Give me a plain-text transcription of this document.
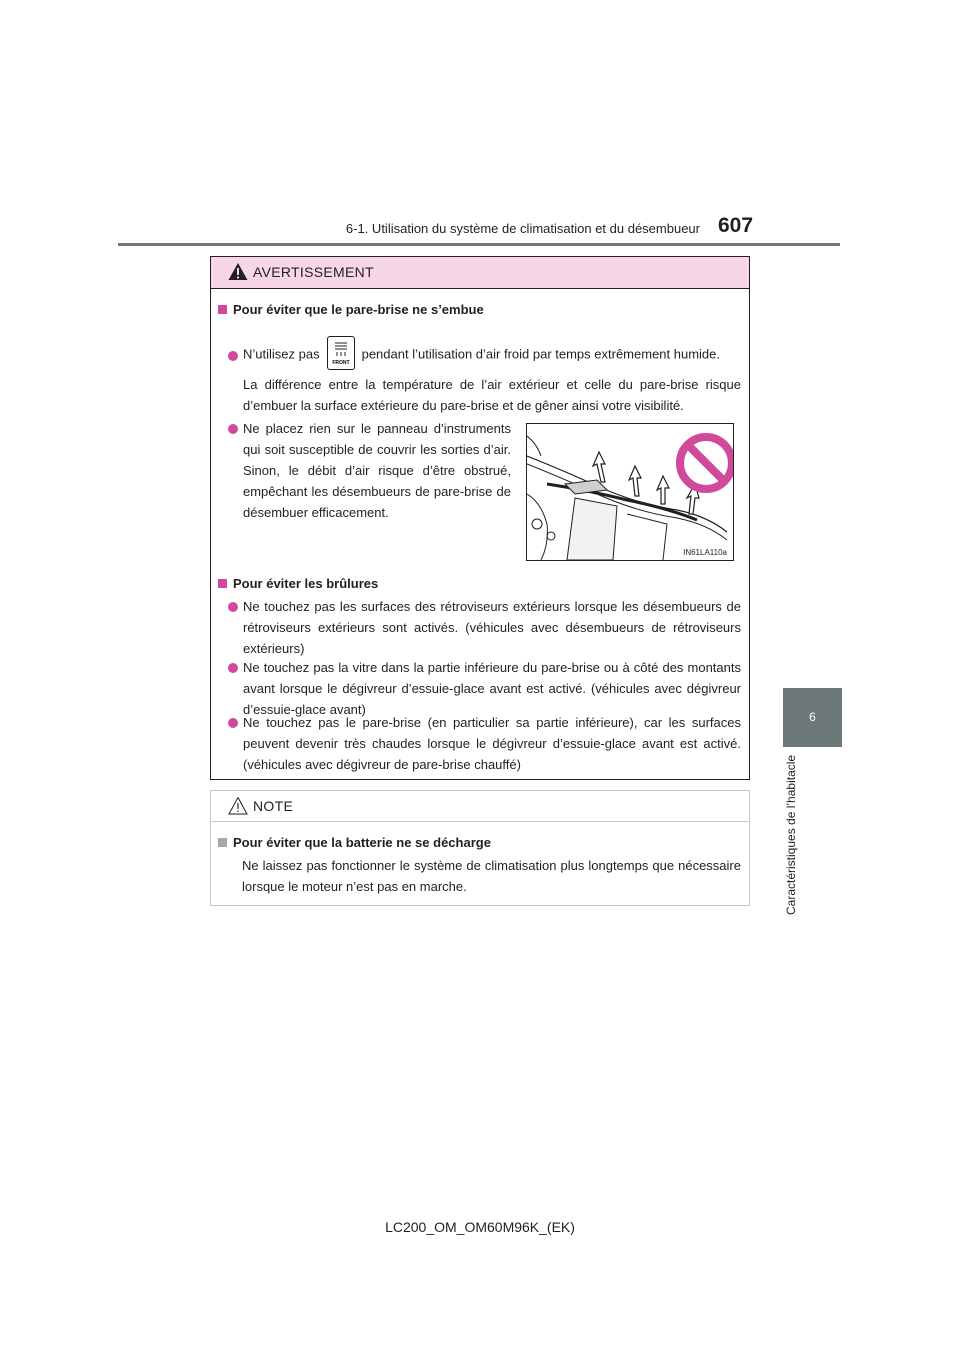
6-1. Utilisation du système de climatisation et du désembueur 607
6
Caractéristiques de l’habitacle
AVERTISSEMENT
Pour éviter que le pare-brise ne s’embue
N’utilisez pas
FRONT
pendant l’utilisation d’air froid par temps extrêmement humide.
La différence entre la température de l’air extérieur et celle du pare-brise risque d’embuer la surface extérieure du pare-brise et de gêner ainsi votre visibilité.
Ne placez rien sur le panneau d’instruments qui soit susceptible de couvrir les sorties d’air. Sinon, le débit d’air risque d’être obstrué, empêchant les désembueurs de pare-brise de désembuer efficacement.
IN61LA110a
Pour éviter les brûlures
Ne touchez pas les surfaces des rétroviseurs extérieurs lorsque les désembueurs de rétroviseurs extérieurs sont activés. (véhicules avec désembueurs de rétroviseurs extérieurs)
Ne touchez pas la vitre dans la partie inférieure du pare-brise ou à côté des montants avant lorsque le dégivreur d’essuie-glace avant est activé. (véhicules avec dégivreur d’essuie-glace avant)
Ne touchez pas le pare-brise (en particulier sa partie inférieure), car les surfaces peuvent devenir très chaudes lorsque le dégivreur d’essuie-glace avant est activé. (véhicules avec dégivreur de pare-brise chauffé)
NOTE
Pour éviter que la batterie ne se décharge
Ne laissez pas fonctionner le système de climatisation plus longtemps que nécessaire lorsque le moteur n’est pas en marche.
LC200_OM_OM60M96K_(EK)
